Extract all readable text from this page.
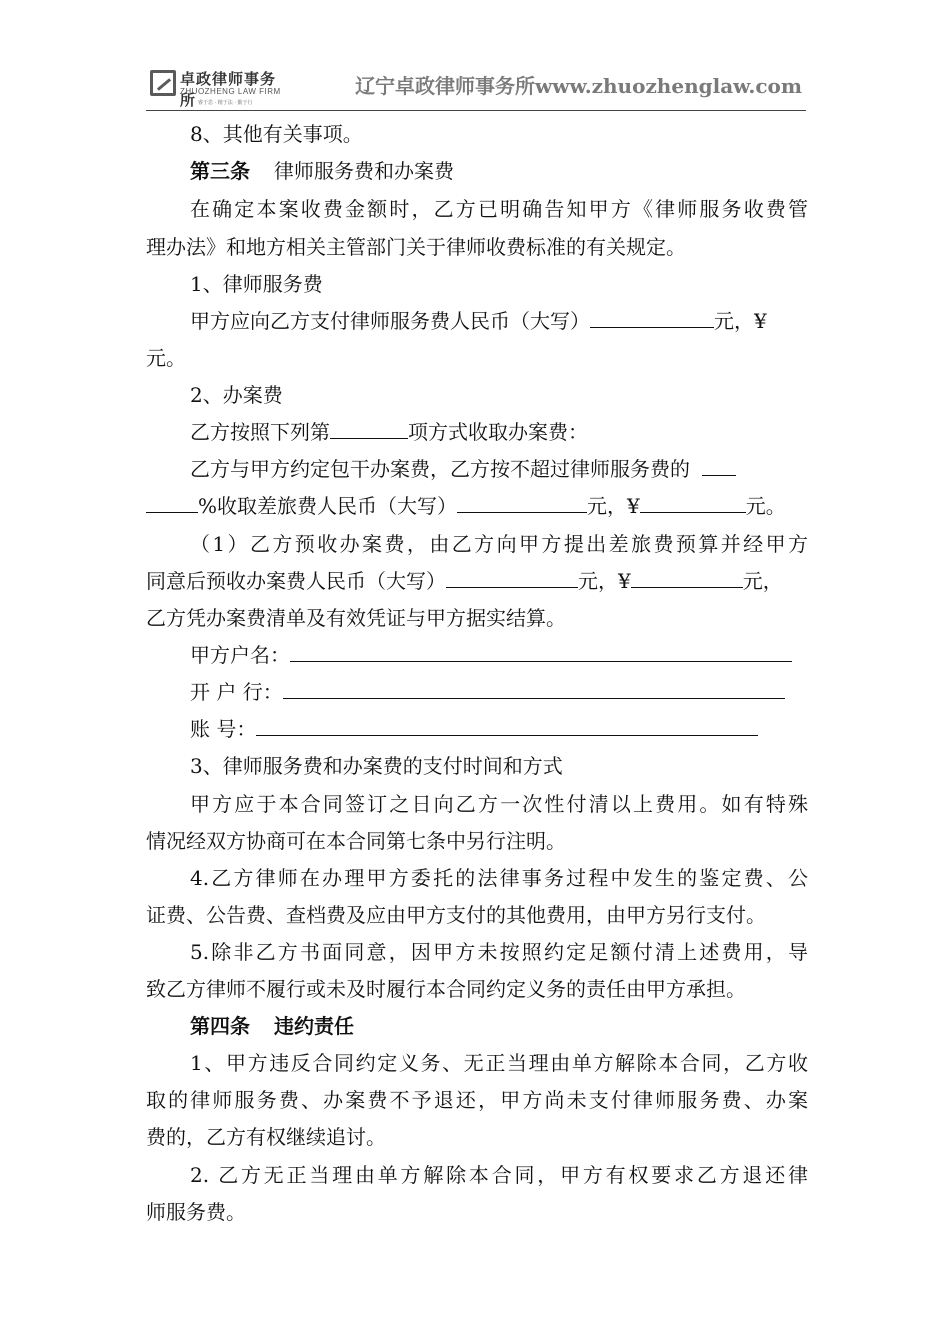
卓政律师事务所
ZHUOZHENG LAW FIRM
睿于思 · 精于法 · 勤于行
辽宁卓政律师事务所www.zhuozhenglaw.com
8、其他有关事项。
第三条 律师服务费和办案费
在确定本案收费金额时，乙方已明确告知甲方《律师服务收费管
理办法》和地方相关主管部门关于律师收费标准的有关规定。
1、律师服务费
甲方应向乙方支付律师服务费人民币（大写）	元，¥
元。
2、办案费
乙方按照下列第	项方式收取办案费：
乙方与甲方约定包干办案费，乙方按不超过律师服务费的
%收取差旅费人民币（大写）	元，¥	元。
（1）乙方预收办案费，由乙方向甲方提出差旅费预算并经甲方
同意后预收办案费人民币（大写）	元，¥	元，
乙方凭办案费清单及有效凭证与甲方据实结算。
甲方户名：
开 户 行：
账 号：
3、律师服务费和办案费的支付时间和方式
甲方应于本合同签订之日向乙方一次性付清以上费用。如有特殊
情况经双方协商可在本合同第七条中另行注明。
4.乙方律师在办理甲方委托的法律事务过程中发生的鉴定费、公
证费、公告费、查档费及应由甲方支付的其他费用，由甲方另行支付。
5.除非乙方书面同意，因甲方未按照约定足额付清上述费用，导
致乙方律师不履行或未及时履行本合同约定义务的责任由甲方承担。
第四条 违约责任
1、甲方违反合同约定义务、无正当理由单方解除本合同，乙方收
取的律师服务费、办案费不予退还，甲方尚未支付律师服务费、办案
费的，乙方有权继续追讨。
2. 乙方无正当理由单方解除本合同，甲方有权要求乙方退还律
师服务费。
